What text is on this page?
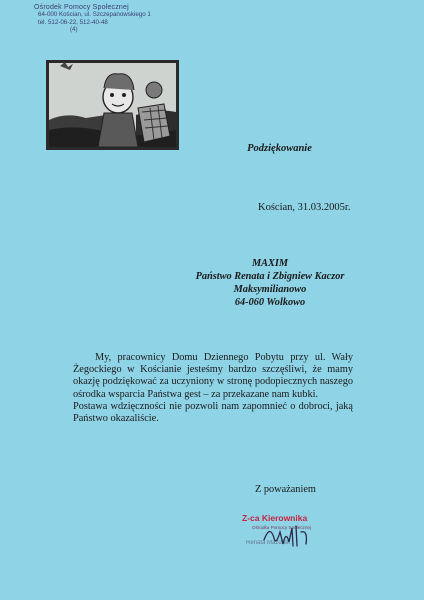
Ośrodek Pomocy Społecznej
64-000 Kościan, ul. Szczepanowskiego 1
tel. 512-06-22, 512-40-48
(4)
Podziękowanie
Kościan, 31.03.2005r.
MAXIM
Państwo Renata i Zbigniew Kaczor
Maksymilianowo
64-060 Wolkowo

My, pracownicy Domu Dziennego Pobytu przy ul. Wały Żegockiego w Kościanie jesteśmy bardzo szczęśliwi, że mamy okazję podziękować za uczyniony w stronę podopiecznych naszego ośrodka wsparcia Państwa gest – za przekazane nam kubki.

Postawa wdzięczności nie pozwoli nam zapomnieć o dobroci, jaką Państwo okazaliście.

Z poważaniem
Z-ca Kierownika
Ośrodka Pomocy Społecznej
Renata Mazurek
